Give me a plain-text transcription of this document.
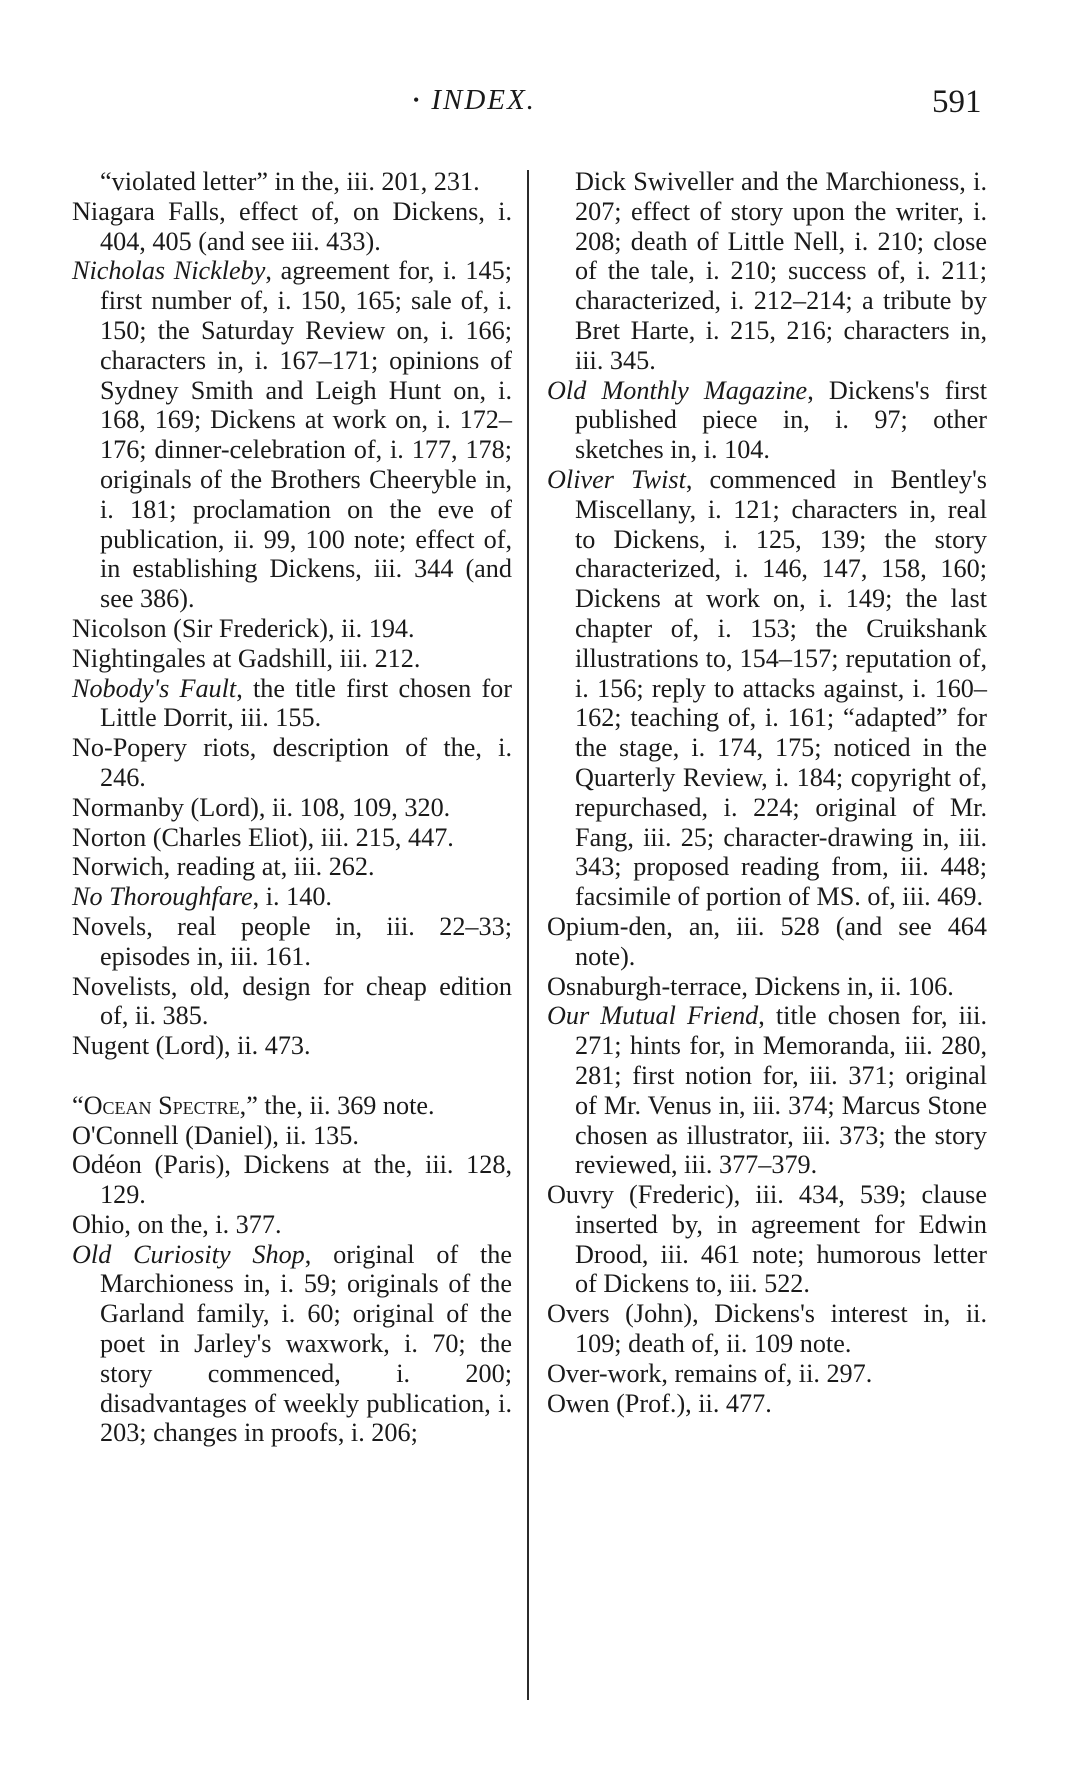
• INDEX.	591

“violated letter” in the, iii. 201, 231.

Niagara Falls, effect of, on Dickens, i. 404, 405 (and see iii. 433).

Nicholas Nickleby, agreement for, i. 145; first number of, i. 150, 165; sale of, i. 150; the Saturday Review on, i. 166; characters in, i. 167–171; opinions of Sydney Smith and Leigh Hunt on, i. 168, 169; Dickens at work on, i. 172–176; dinner-celebration of, i. 177, 178; originals of the Brothers Cheeryble in, i. 181; proclamation on the eve of publication, ii. 99, 100 note; effect of, in establishing Dickens, iii. 344 (and see 386).

Nicolson (Sir Frederick), ii. 194.

Nightingales at Gadshill, iii. 212.

Nobody's Fault, the title first chosen for Little Dorrit, iii. 155.

No-Popery riots, description of the, i. 246.

Normanby (Lord), ii. 108, 109, 320.

Norton (Charles Eliot), iii. 215, 447.

Norwich, reading at, iii. 262.

No Thoroughfare, i. 140.

Novels, real people in, iii. 22–33; episodes in, iii. 161.

Novelists, old, design for cheap edition of, ii. 385.

Nugent (Lord), ii. 473.

“Ocean Spectre,” the, ii. 369 note.

O'Connell (Daniel), ii. 135.

Odéon (Paris), Dickens at the, iii. 128, 129.

Ohio, on the, i. 377.

Old Curiosity Shop, original of the Marchioness in, i. 59; originals of the Garland family, i. 60; original of the poet in Jarley's waxwork, i. 70; the story commenced, i. 200; disadvantages of weekly publication, i. 203; changes in proofs, i. 206;

Dick Swiveller and the Marchioness, i. 207; effect of story upon the writer, i. 208; death of Little Nell, i. 210; close of the tale, i. 210; success of, i. 211; characterized, i. 212–214; a tribute by Bret Harte, i. 215, 216; characters in, iii. 345.

Old Monthly Magazine, Dickens's first published piece in, i. 97; other sketches in, i. 104.

Oliver Twist, commenced in Bentley's Miscellany, i. 121; characters in, real to Dickens, i. 125, 139; the story characterized, i. 146, 147, 158, 160; Dickens at work on, i. 149; the last chapter of, i. 153; the Cruikshank illustrations to, 154–157; reputation of, i. 156; reply to attacks against, i. 160–162; teaching of, i. 161; “adapted” for the stage, i. 174, 175; noticed in the Quarterly Review, i. 184; copyright of, repurchased, i. 224; original of Mr. Fang, iii. 25; character-drawing in, iii. 343; proposed reading from, iii. 448; facsimile of portion of MS. of, iii. 469.

Opium-den, an, iii. 528 (and see 464 note).

Osnaburgh-terrace, Dickens in, ii. 106.

Our Mutual Friend, title chosen for, iii. 271; hints for, in Memoranda, iii. 280, 281; first notion for, iii. 371; original of Mr. Venus in, iii. 374; Marcus Stone chosen as illustrator, iii. 373; the story reviewed, iii. 377–379.

Ouvry (Frederic), iii. 434, 539; clause inserted by, in agreement for Edwin Drood, iii. 461 note; humorous letter of Dickens to, iii. 522.

Overs (John), Dickens's interest in, ii. 109; death of, ii. 109 note.

Over-work, remains of, ii. 297.

Owen (Prof.), ii. 477.
